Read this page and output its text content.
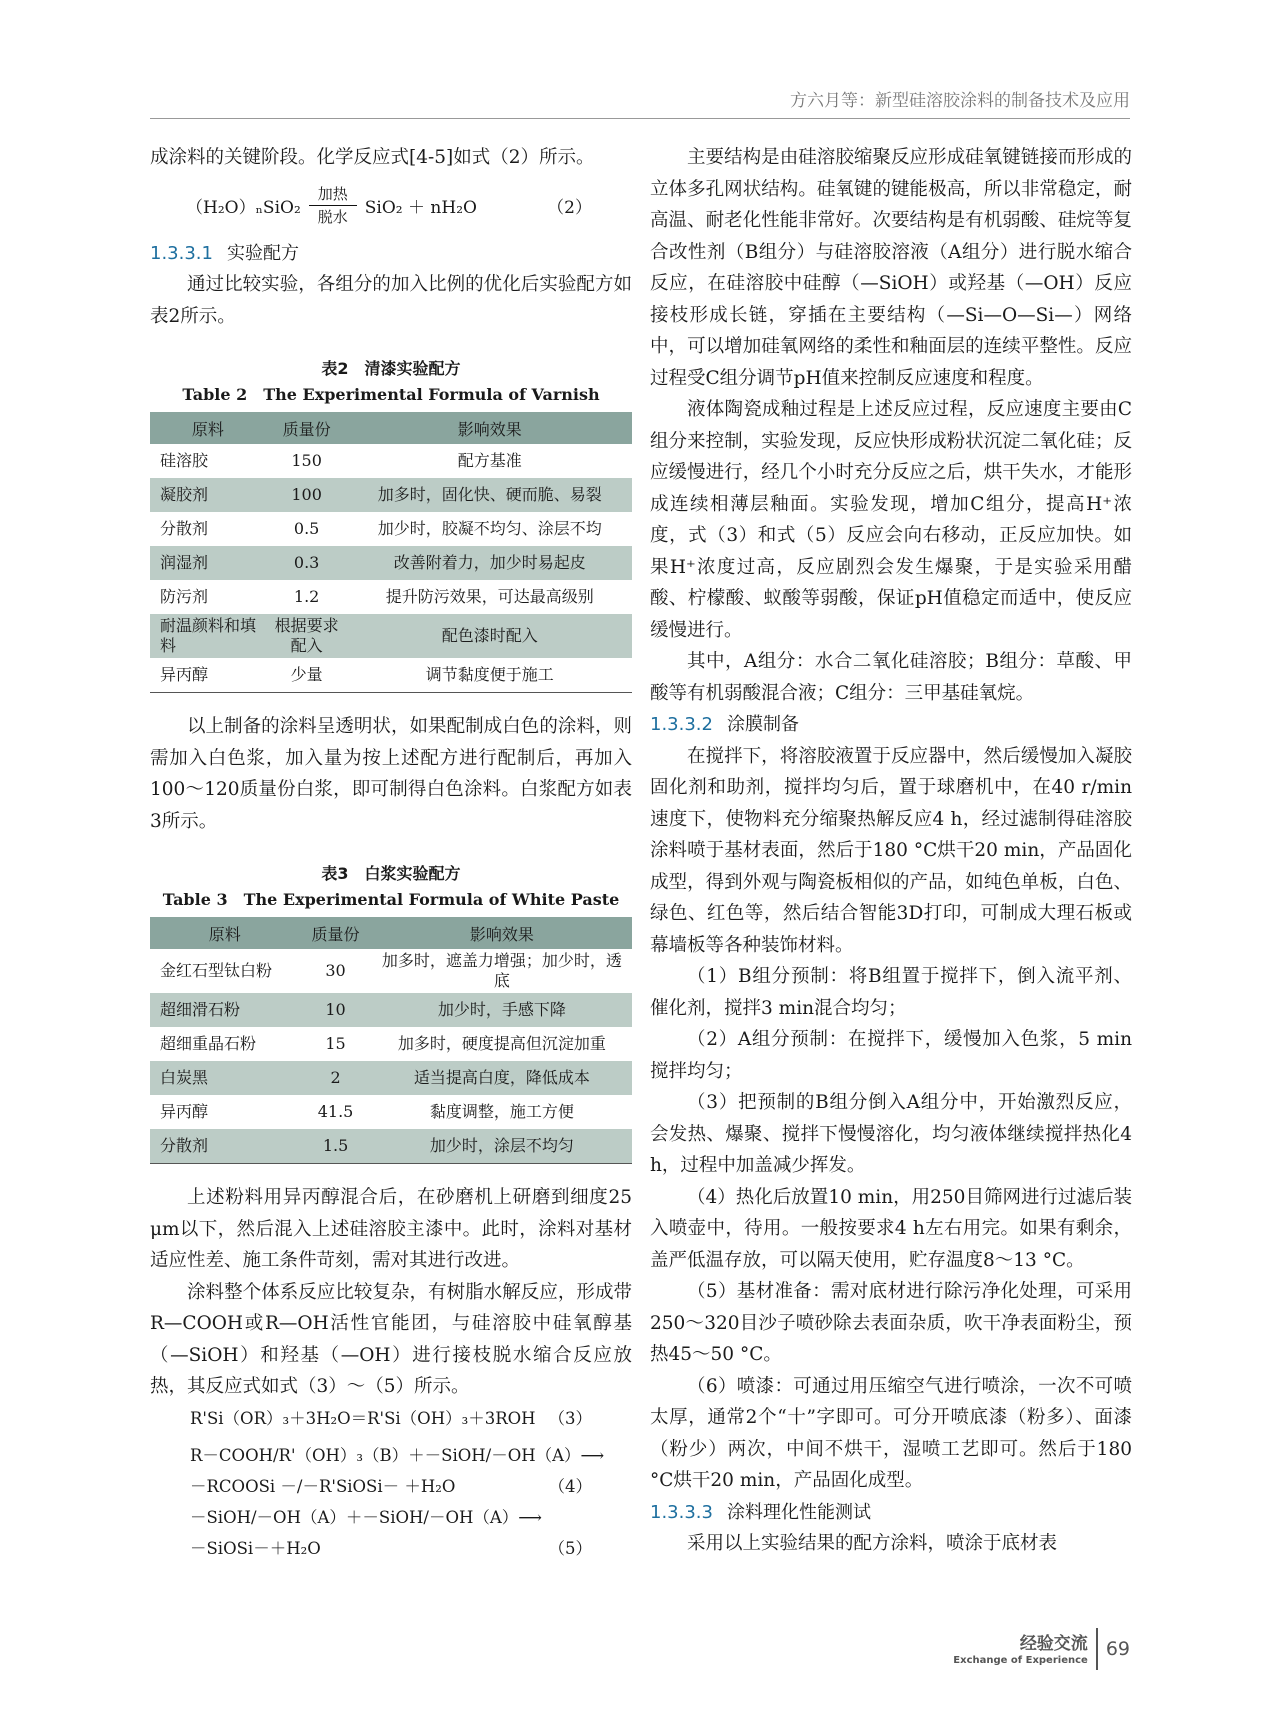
方六月等：新型硅溶胶涂料的制备技术及应用

成涂料的关键阶段。化学反应式[4-5]如式（2）所示。

$(H_2O)_nSiO_2 \frac{\text{加热}}{\text{脱水}} SiO_2 + nH_2O$	（2）
1.3.3.1 实验配方

通过比较实验，各组分的加入比例的优化后实验配方如表2所示。

表2　清漆实验配方
Table 2　The Experimental Formula of Varnish
原料	质量份	影响效果
硅溶胶	150	配方基准
凝胶剂	100	加多时，固化快、硬而脆、易裂
分散剂	0.5	加少时，胶凝不均匀、涂层不均
润湿剂	0.3	改善附着力，加少时易起皮
防污剂	1.2	提升防污效果，可达最高级别
耐温颜料和填料	根据要求配入	配色漆时配入
异丙醇	少量	调节黏度便于施工

以上制备的涂料呈透明状，如果配制成白色的涂料，则需加入白色浆，加入量为按上述配方进行配制后，再加入100～120质量份白浆，即可制得白色涂料。白浆配方如表3所示。

表3　白浆实验配方
Table 3　The Experimental Formula of White Paste
原料	质量份	影响效果
金红石型钛白粉	30	加多时，遮盖力增强；加少时，透底
超细滑石粉	10	加少时，手感下降
超细重晶石粉	15	加多时，硬度提高但沉淀加重
白炭黑	2	适当提高白度，降低成本
异丙醇	41.5	黏度调整，施工方便
分散剂	1.5	加少时，涂层不均匀

上述粉料用异丙醇混合后，在砂磨机上研磨到细度25 μm以下，然后混入上述硅溶胶主漆中。此时，涂料对基材适应性差、施工条件苛刻，需对其进行改进。

涂料整个体系反应比较复杂，有树脂水解反应，形成带R—COOH或R—OH活性官能团，与硅溶胶中硅氧醇基（—SiOH）和羟基（—OH）进行接枝脱水缩合反应放热，其反应式如式（3）～（5）所示。

R'Si（OR）₃＋3H₂O＝R'Si（OH）₃＋3ROH （3）
R－COOH/R'（OH）₃（B）＋－SiOH/－OH（A）⟶
－RCOOSi －/－R'SiOSi－ ＋H₂O	（4）
－SiOH/－OH（A）＋－SiOH/－OH（A）⟶
－SiOSi－＋H₂O	（5）

主要结构是由硅溶胶缩聚反应形成硅氧键链接而形成的立体多孔网状结构。硅氧键的键能极高，所以非常稳定，耐高温、耐老化性能非常好。次要结构是有机弱酸、硅烷等复合改性剂（B组分）与硅溶胶溶液（A组分）进行脱水缩合反应，在硅溶胶中硅醇（—SiOH）或羟基（—OH）反应接枝形成长链，穿插在主要结构（—Si—O—Si—）网络中，可以增加硅氧网络的柔性和釉面层的连续平整性。反应过程受C组分调节pH值来控制反应速度和程度。

液体陶瓷成釉过程是上述反应过程，反应速度主要由C组分来控制，实验发现，反应快形成粉状沉淀二氧化硅；反应缓慢进行，经几个小时充分反应之后，烘干失水，才能形成连续相薄层釉面。实验发现，增加C组分，提高H⁺浓度，式（3）和式（5）反应会向右移动，正反应加快。如果H⁺浓度过高，反应剧烈会发生爆聚，于是实验采用醋酸、柠檬酸、蚁酸等弱酸，保证pH值稳定而适中，使反应缓慢进行。

其中，A组分：水合二氧化硅溶胶；B组分：草酸、甲酸等有机弱酸混合液；C组分：三甲基硅氧烷。

1.3.3.2 涂膜制备

在搅拌下，将溶胶液置于反应器中，然后缓慢加入凝胶固化剂和助剂，搅拌均匀后，置于球磨机中，在40 r/min速度下，使物料充分缩聚热解反应4 h，经过滤制得硅溶胶涂料喷于基材表面，然后于180 °C烘干20 min，产品固化成型，得到外观与陶瓷板相似的产品，如纯色单板，白色、绿色、红色等，然后结合智能3D打印，可制成大理石板或幕墙板等各种装饰材料。

（1）B组分预制：将B组置于搅拌下，倒入流平剂、催化剂，搅拌3 min混合均匀；

（2）A组分预制：在搅拌下，缓慢加入色浆，5 min搅拌均匀；

（3）把预制的B组分倒入A组分中，开始激烈反应，会发热、爆聚、搅拌下慢慢溶化，均匀液体继续搅拌热化4 h，过程中加盖减少挥发。

（4）热化后放置10 min，用250目筛网进行过滤后装入喷壶中，待用。一般按要求4 h左右用完。如果有剩余，盖严低温存放，可以隔天使用，贮存温度8～13 °C。

（5）基材准备：需对底材进行除污净化处理，可采用250～320目沙子喷砂除去表面杂质，吹干净表面粉尘，预热45～50 °C。

（6）喷漆：可通过用压缩空气进行喷涂，一次不可喷太厚，通常2个“十”字即可。可分开喷底漆（粉多）、面漆（粉少）两次，中间不烘干，湿喷工艺即可。然后于180 °C烘干20 min，产品固化成型。

1.3.3.3 涂料理化性能测试

采用以上实验结果的配方涂料，喷涂于底材表

经验交流
Exchange of Experience 69
